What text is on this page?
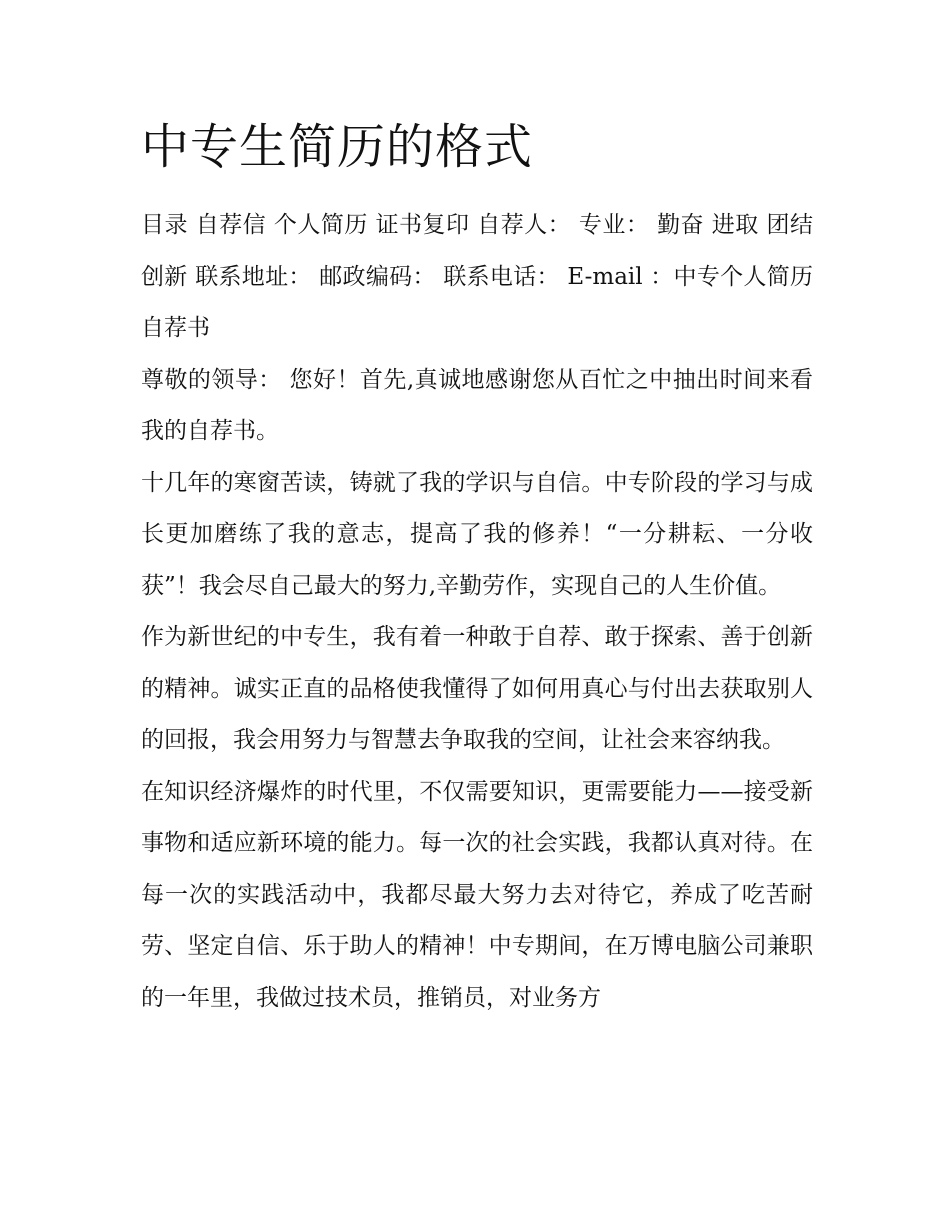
中专生简历的格式

目录 自荐信 个人简历 证书复印 自荐人： 专业： 勤奋 进取 团结 创新 联系地址： 邮政编码： 联系电话： E-mail ：中专个人简历 自荐书

尊敬的领导： 您好！首先,真诚地感谢您从百忙之中抽出时间来看我的自荐书。

十几年的寒窗苦读，铸就了我的学识与自信。中专阶段的学习与成长更加磨练了我的意志，提高了我的修养！“一分耕耘、一分收获”！我会尽自己最大的努力,辛勤劳作，实现自己的人生价值。

作为新世纪的中专生，我有着一种敢于自荐、敢于探索、善于创新的精神。诚实正直的品格使我懂得了如何用真心与付出去获取别人的回报，我会用努力与智慧去争取我的空间，让社会来容纳我。

在知识经济爆炸的时代里，不仅需要知识，更需要能力——接受新事物和适应新环境的能力。每一次的社会实践，我都认真对待。在每一次的实践活动中，我都尽最大努力去对待它，养成了吃苦耐劳、坚定自信、乐于助人的精神！中专期间，在万博电脑公司兼职的一年里，我做过技术员，推销员，对业务方
